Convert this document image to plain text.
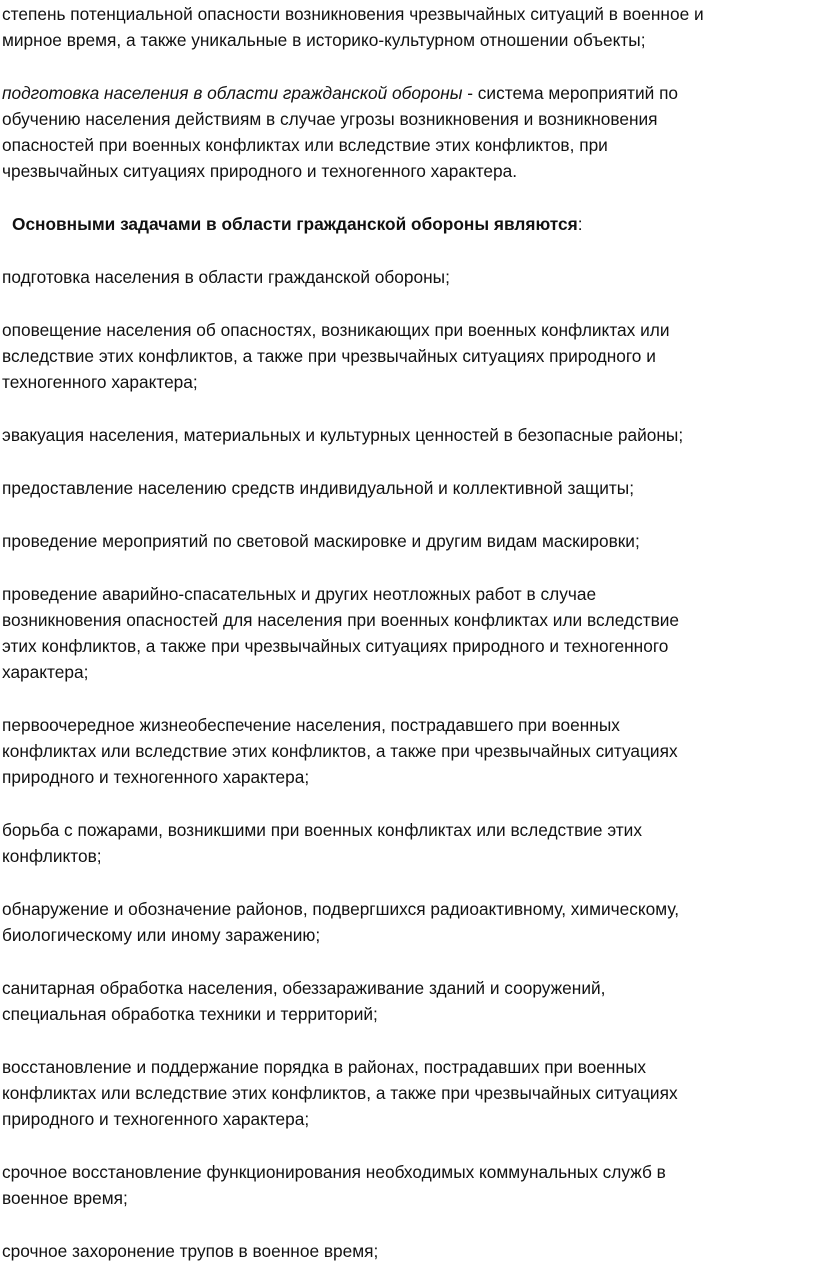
степень потенциальной опасности возникновения чрезвычайных ситуаций в военное и
мирное время, а также уникальные в историко-культурном отношении объекты;

подготовка населения в области гражданской обороны - система мероприятий по
обучению населения действиям в случае угрозы возникновения и возникновения
опасностей при военных конфликтах или вследствие этих конфликтов, при
чрезвычайных ситуациях природного и техногенного характера.

Основными задачами в области гражданской обороны являются:

подготовка населения в области гражданской обороны;

оповещение населения об опасностях, возникающих при военных конфликтах или
вследствие этих конфликтов, а также при чрезвычайных ситуациях природного и
техногенного характера;

эвакуация населения, материальных и культурных ценностей в безопасные районы;

предоставление населению средств индивидуальной и коллективной защиты;

проведение мероприятий по световой маскировке и другим видам маскировки;

проведение аварийно-спасательных и других неотложных работ в случае
возникновения опасностей для населения при военных конфликтах или вследствие
этих конфликтов, а также при чрезвычайных ситуациях природного и техногенного
характера;

первоочередное жизнеобеспечение населения, пострадавшего при военных
конфликтах или вследствие этих конфликтов, а также при чрезвычайных ситуациях
природного и техногенного характера;

борьба с пожарами, возникшими при военных конфликтах или вследствие этих
конфликтов;

обнаружение и обозначение районов, подвергшихся радиоактивному, химическому,
биологическому или иному заражению;

санитарная обработка населения, обеззараживание зданий и сооружений,
специальная обработка техники и территорий;

восстановление и поддержание порядка в районах, пострадавших при военных
конфликтах или вследствие этих конфликтов, а также при чрезвычайных ситуациях
природного и техногенного характера;

срочное восстановление функционирования необходимых коммунальных служб в
военное время;

срочное захоронение трупов в военное время;
